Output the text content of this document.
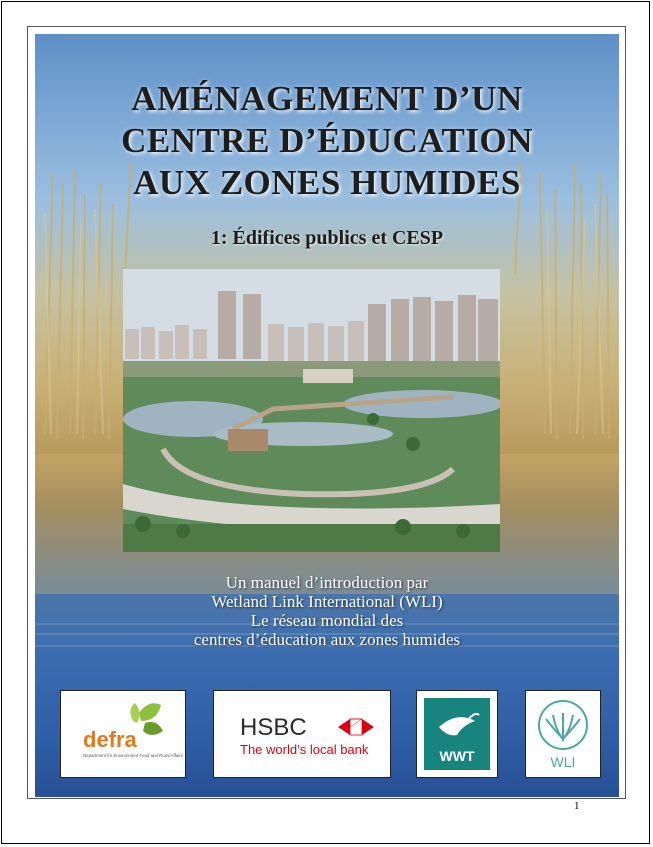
AMÉNAGEMENT D’UN
CENTRE D’ÉDUCATION
AUX ZONES HUMIDES
1: Édifices publics et CESP
Un manuel d’introduction par
Wetland Link International (WLI)
Le réseau mondial des
centres d’éducation aux zones humides
defra
Department for Environment Food and Rural Affairs
HSBC
The world’s local bank	WWT	WLI
1
